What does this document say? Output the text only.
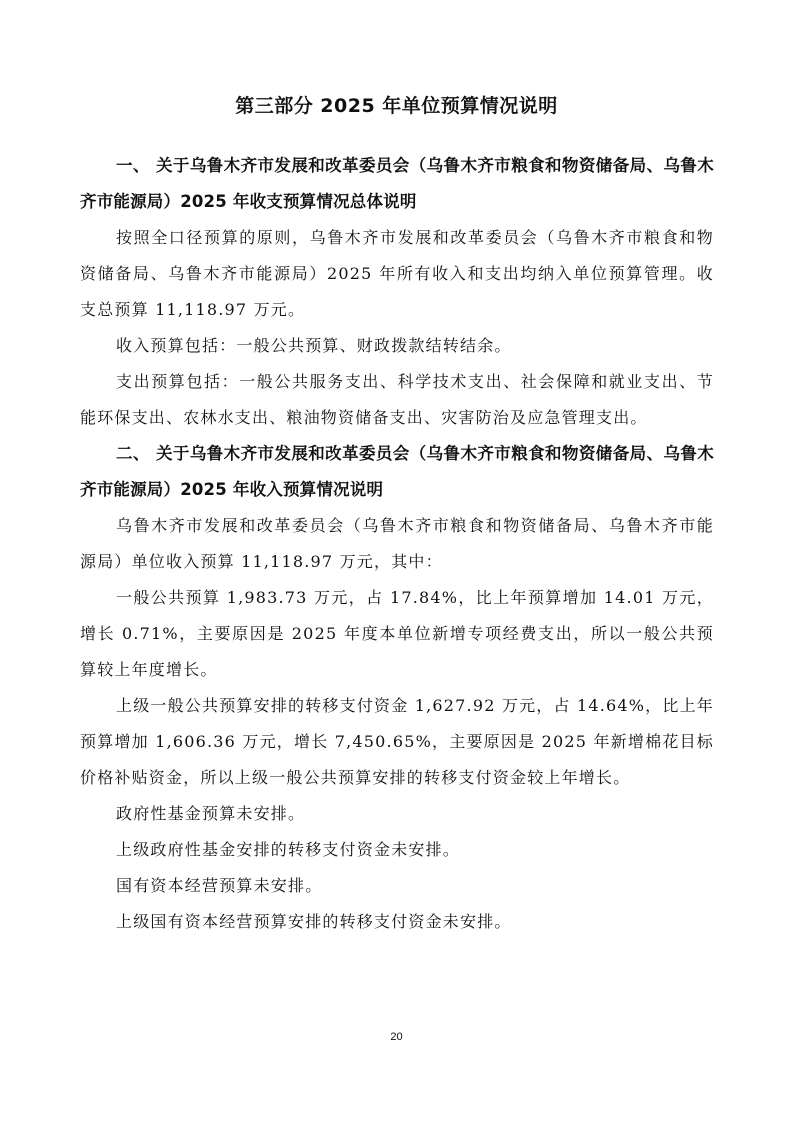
第三部分 2025 年单位预算情况说明

一、 关于乌鲁木齐市发展和改革委员会（乌鲁木齐市粮食和物资储备局、乌鲁木齐市能源局）2025 年收支预算情况总体说明

按照全口径预算的原则，乌鲁木齐市发展和改革委员会（乌鲁木齐市粮食和物资储备局、乌鲁木齐市能源局）2025 年所有收入和支出均纳入单位预算管理。收支总预算 11,118.97 万元。

收入预算包括：一般公共预算、财政拨款结转结余。

支出预算包括：一般公共服务支出、科学技术支出、社会保障和就业支出、节能环保支出、农林水支出、粮油物资储备支出、灾害防治及应急管理支出。

二、 关于乌鲁木齐市发展和改革委员会（乌鲁木齐市粮食和物资储备局、乌鲁木齐市能源局）2025 年收入预算情况说明

乌鲁木齐市发展和改革委员会（乌鲁木齐市粮食和物资储备局、乌鲁木齐市能源局）单位收入预算 11,118.97 万元，其中：

一般公共预算 1,983.73 万元，占 17.84%，比上年预算增加 14.01 万元，增长 0.71%，主要原因是 2025 年度本单位新增专项经费支出，所以一般公共预算较上年度增长。

上级一般公共预算安排的转移支付资金 1,627.92 万元，占 14.64%，比上年预算增加 1,606.36 万元，增长 7,450.65%，主要原因是 2025 年新增棉花目标价格补贴资金，所以上级一般公共预算安排的转移支付资金较上年增长。

政府性基金预算未安排。

上级政府性基金安排的转移支付资金未安排。

国有资本经营预算未安排。

上级国有资本经营预算安排的转移支付资金未安排。

20
